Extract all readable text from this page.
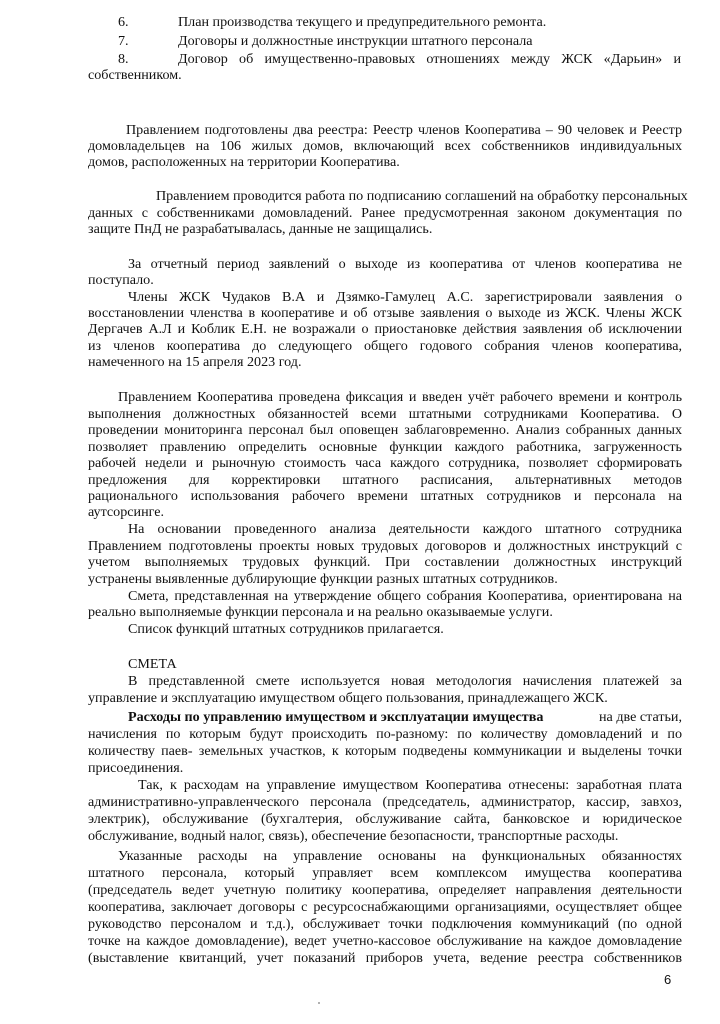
6.	План производства текущего и предупредительного ремонта.
7.	Договоры и должностные инструкции штатного персонала
8.	Договор об имущественно-правовых отношениях между ЖСК «Дарьин» и
собственником.
Правлением подготовлены два реестра: Реестр членов Кооператива – 90 человек и Реестр
домовладельцев на 106 жилых домов, включающий всех собственников индивидуальных
домов, расположенных на территории Кооператива.
Правлением проводится работа по подписанию соглашений на обработку персональных
данных с собственниками домовладений. Ранее предусмотренная законом документация по
защите ПнД не разрабатывалась, данные не защищались.
За отчетный период заявлений о выходе из кооператива от членов кооператива не
поступало.
Члены ЖСК Чудаков В.А и Дзямко-Гамулец А.С. зарегистрировали заявления о
восстановлении членства в кооперативе и об отзыве заявления о выходе из ЖСК. Члены ЖСК
Дергачев А.Л и Коблик Е.Н. не возражали о приостановке действия заявления об исключении
из членов кооператива до следующего общего годового собрания членов кооператива,
намеченного на 15 апреля 2023 год.
Правлением Кооператива проведена фиксация и введен учёт рабочего времени и контроль
выполнения должностных обязанностей всеми штатными сотрудниками Кооператива. О
проведении мониторинга персонал был оповещен заблаговременно. Анализ собранных данных
позволяет правлению определить основные функции каждого работника, загруженность
рабочей недели и рыночную стоимость часа каждого сотрудника, позволяет сформировать
предложения для корректировки штатного расписания, альтернативных методов
рационального использования рабочего времени штатных сотрудников и персонала на
аутсорсинге.
На основании проведенного анализа деятельности каждого штатного сотрудника
Правлением подготовлены проекты новых трудовых договоров и должностных инструкций с
учетом выполняемых трудовых функций. При составлении должностных инструкций
устранены выявленные дублирующие функции разных штатных сотрудников.
Смета, представленная на утверждение общего собрания Кооператива, ориентирована на
реально выполняемые функции персонала и на реально оказываемые услуги.
Список функций штатных сотрудников прилагается.
СМЕТА
В представленной смете используется новая методология начисления платежей за
управление и эксплуатацию имуществом общего пользования, принадлежащего ЖСК.
Расходы по управлению имуществом и эксплуатации имущества	на две статьи,
начисления по которым будут происходить по-разному: по количеству домовладений и по
количеству паев- земельных участков, к которым подведены коммуникации и выделены точки
присоединения.
Так, к расходам на управление имуществом Кооператива отнесены: заработная плата
административно-управленческого персонала (председатель, администратор, кассир, завхоз,
электрик), обслуживание (бухгалтерия, обслуживание сайта, банковское и юридическое
обслуживание, водный налог, связь), обеспечение безопасности, транспортные расходы.
Указанные расходы на управление основаны на функциональных обязанностях
штатного персонала, который управляет всем комплексом имущества кооператива
(председатель ведет учетную политику кооператива, определяет направления деятельности
кооператива, заключает договоры с ресурсоснабжающими организациями, осуществляет общее
руководство персоналом и т.д.), обслуживает точки подключения коммуникаций (по одной
точке на каждое домовладение), ведет учетно-кассовое обслуживание на каждое домовладение
(выставление квитанций, учет показаний приборов учета, ведение реестра собственников
6
